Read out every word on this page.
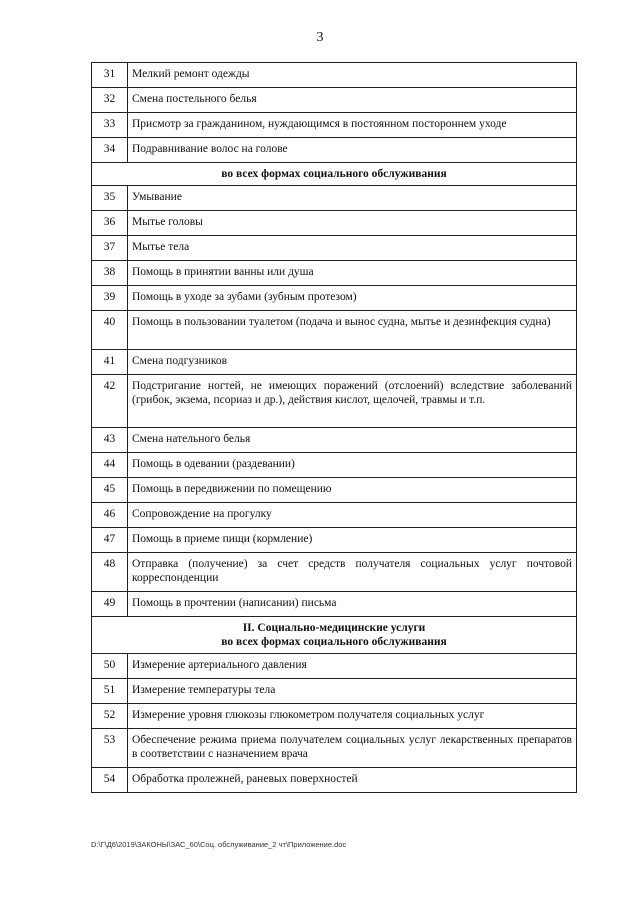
3
31	Мелкий ремонт одежды
32	Смена постельного белья
33	Присмотр за гражданином, нуждающимся в постоянном постороннем уходе
34	Подравнивание волос на голове
во всех формах социального обслуживания	
35	Умывание
36	Мытье головы
37	Мытье тела
38	Помощь в принятии ванны или душа
39	Помощь в уходе за зубами (зубным протезом)
40	Помощь в пользовании туалетом (подача и вынос судна, мытье и дезинфекция судна)
41	Смена подгузников
42	Подстригание ногтей, не имеющих поражений (отслоений) вследствие заболеваний (грибок, экзема, псориаз и др.), действия кислот, щелочей, травмы и т.п.
43	Смена нательного белья
44	Помощь в одевании (раздевании)
45	Помощь в передвижении по помещению
46	Сопровождение на прогулку
47	Помощь в приеме пищи (кормление)
48	Отправка (получение) за счет средств получателя социальных услуг почтовой корреспонденции
49	Помощь в прочтении (написании) письма

II. Социально-медицинские услуги
во всех формах социального обслуживания	

50	Измерение артериального давления
51	Измерение температуры тела
52	Измерение уровня глюкозы глюкометром получателя социальных услуг
53	Обеспечение режима приема получателем социальных услуг лекарственных препаратов в соответствии с назначением врача
54	Обработка пролежней, раневых поверхностей
D:\Г\Д6\2019\ЗАКОНЫ\ЗАС_60\Соц. обслуживание_2 чт\Приложение.doc
